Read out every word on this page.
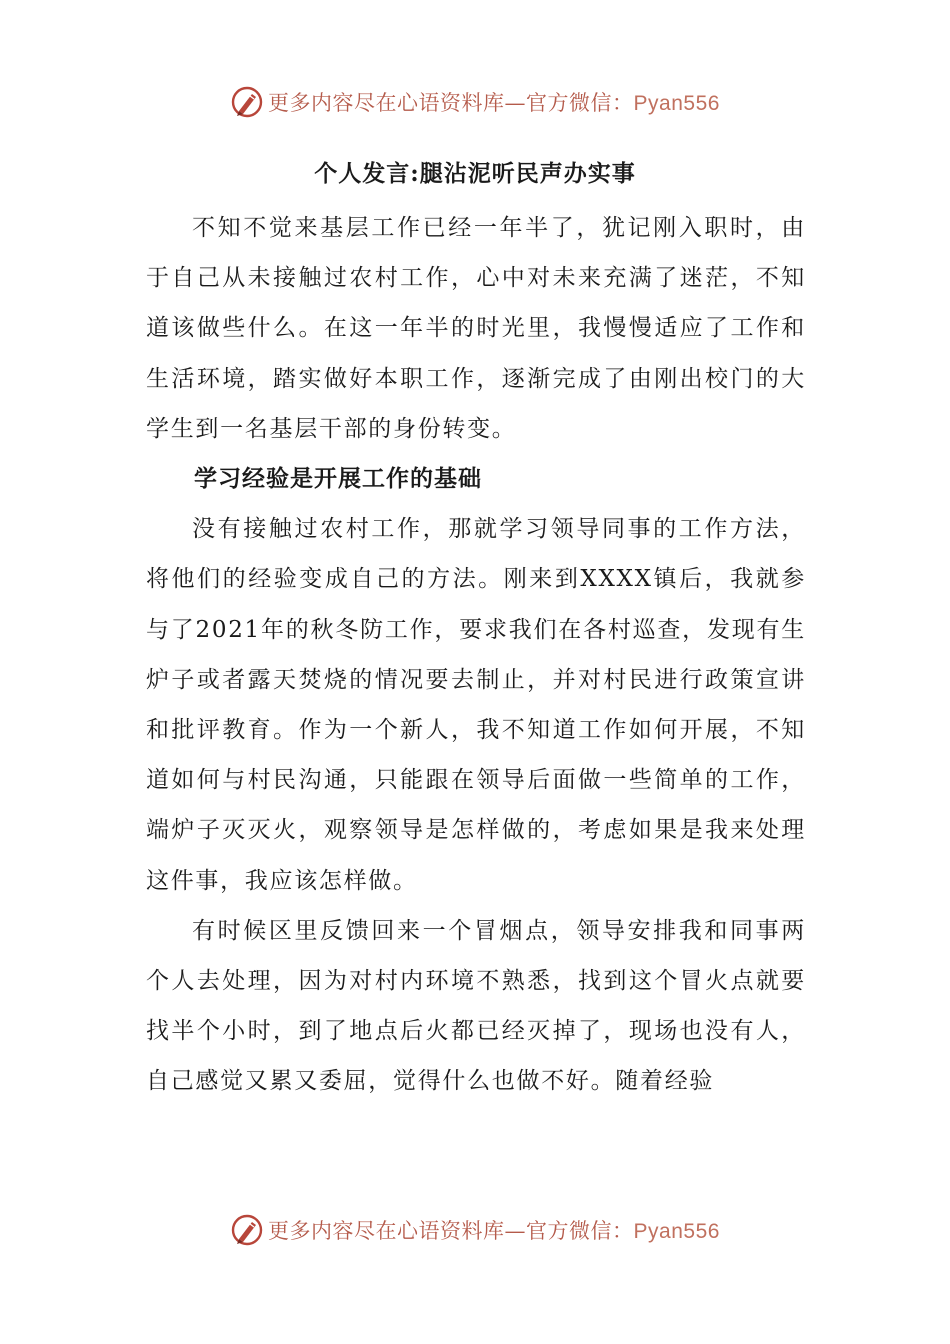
更多内容尽在心语资料库—官方微信：Pyan556
个人发言:腿沾泥听民声办实事

不知不觉来基层工作已经一年半了，犹记刚入职时，由于自己从未接触过农村工作，心中对未来充满了迷茫，不知道该做些什么。在这一年半的时光里，我慢慢适应了工作和生活环境，踏实做好本职工作，逐渐完成了由刚出校门的大学生到一名基层干部的身份转变。

学习经验是开展工作的基础

没有接触过农村工作，那就学习领导同事的工作方法，将他们的经验变成自己的方法。刚来到XXXX镇后，我就参与了2021年的秋冬防工作，要求我们在各村巡查，发现有生炉子或者露天焚烧的情况要去制止，并对村民进行政策宣讲和批评教育。作为一个新人，我不知道工作如何开展，不知道如何与村民沟通，只能跟在领导后面做一些简单的工作，端炉子灭灭火，观察领导是怎样做的，考虑如果是我来处理这件事，我应该怎样做。

有时候区里反馈回来一个冒烟点，领导安排我和同事两个人去处理，因为对村内环境不熟悉，找到这个冒火点就要找半个小时，到了地点后火都已经灭掉了，现场也没有人，自己感觉又累又委屈，觉得什么也做不好。随着经验

更多内容尽在心语资料库—官方微信：Pyan556
